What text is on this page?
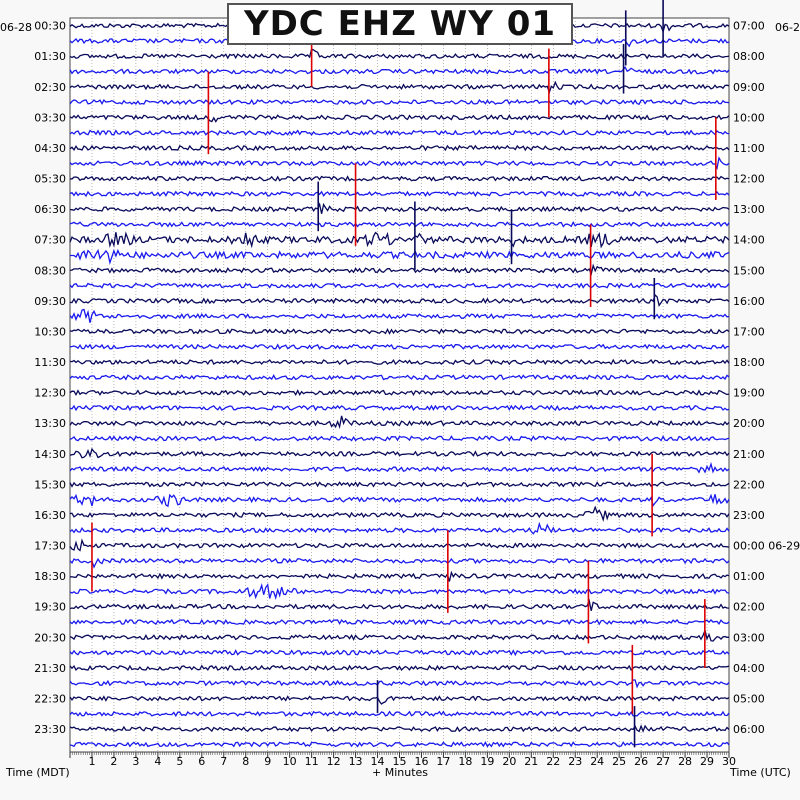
00:30
01:30
02:30
03:30
04:30
05:30
06:30
07:30
08:30
09:30
10:30
11:30
12:30
13:30
14:30
15:30
16:30
17:30
18:30
19:30
20:30
21:30
22:30
23:30
07:00
08:00
09:00
10:00
11:00
12:00
13:00
14:00
15:00
16:00
17:00
18:00
19:00
20:00
21:00
22:00
23:00
00:00 06-29
01:00
02:00
03:00
04:00
05:00
06:00
1 2 3 4 5 6 7 8 9 10 11 12 13 14 15 16 17 18 19 20 21 22 23 24 25 26 27 28 29 30
YDC EHZ WY 01
06-28	06-2
Time (MDT)	+ Minutes	Time (UTC)
